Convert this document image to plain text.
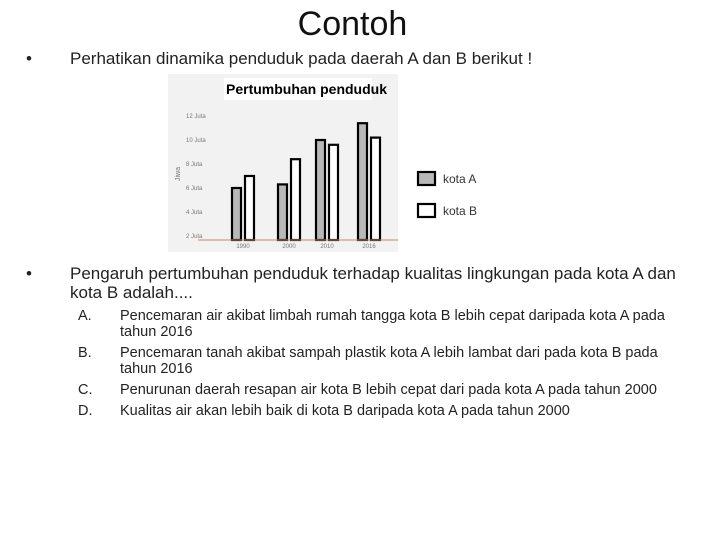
Contoh
• Perhatikan dinamika penduduk pada daerah A dan B berikut !
Pertumbuhan penduduk
Jiwa
2 Juta
4 Juta
6 Juta
8 Juta
10 Juta
12 Juta
1990	2000	2010	2016
kota A
kota B
• Pengaruh pertumbuhan penduduk terhadap kualitas lingkungan pada kota A dan kota B adalah....
A. Pencemaran air akibat limbah rumah tangga kota B lebih cepat daripada kota A pada tahun 2016
B. Pencemaran tanah akibat sampah plastik kota A lebih lambat dari pada kota B pada tahun 2016
C. Penurunan daerah resapan air kota B lebih cepat dari pada kota A pada tahun 2000
D. Kualitas air akan lebih baik di kota B daripada kota A pada tahun 2000
